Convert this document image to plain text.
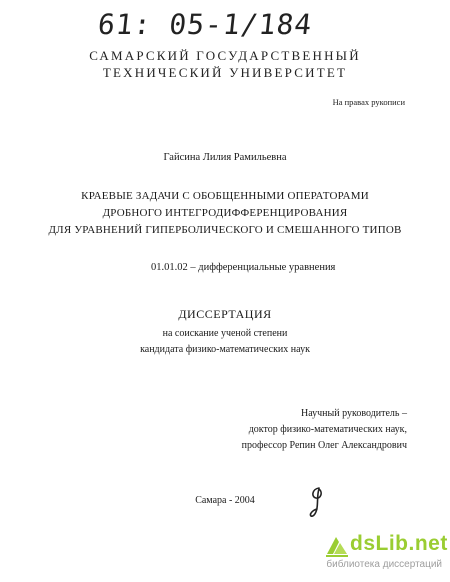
61: 05-1/184
САМАРСКИЙ ГОСУДАРСТВЕННЫЙ
ТЕХНИЧЕСКИЙ УНИВЕРСИТЕТ
На правах рукописи
Гайсина Лилия Рамильевна
КРАЕВЫЕ ЗАДАЧИ С ОБОБЩЕННЫМИ ОПЕРАТОРАМИ
ДРОБНОГО ИНТЕГРОДИФФЕРЕНЦИРОВАНИЯ
ДЛЯ УРАВНЕНИЙ ГИПЕРБОЛИЧЕСКОГО И СМЕШАННОГО ТИПОВ
01.01.02 – дифференциальные уравнения
ДИССЕРТАЦИЯ
на соискание ученой степени
кандидата физико-математических наук
Научный руководитель –
доктор физико-математических наук,
профессор Репин Олег Александрович
Самара - 2004
dsLib.net
библиотека диссертаций
